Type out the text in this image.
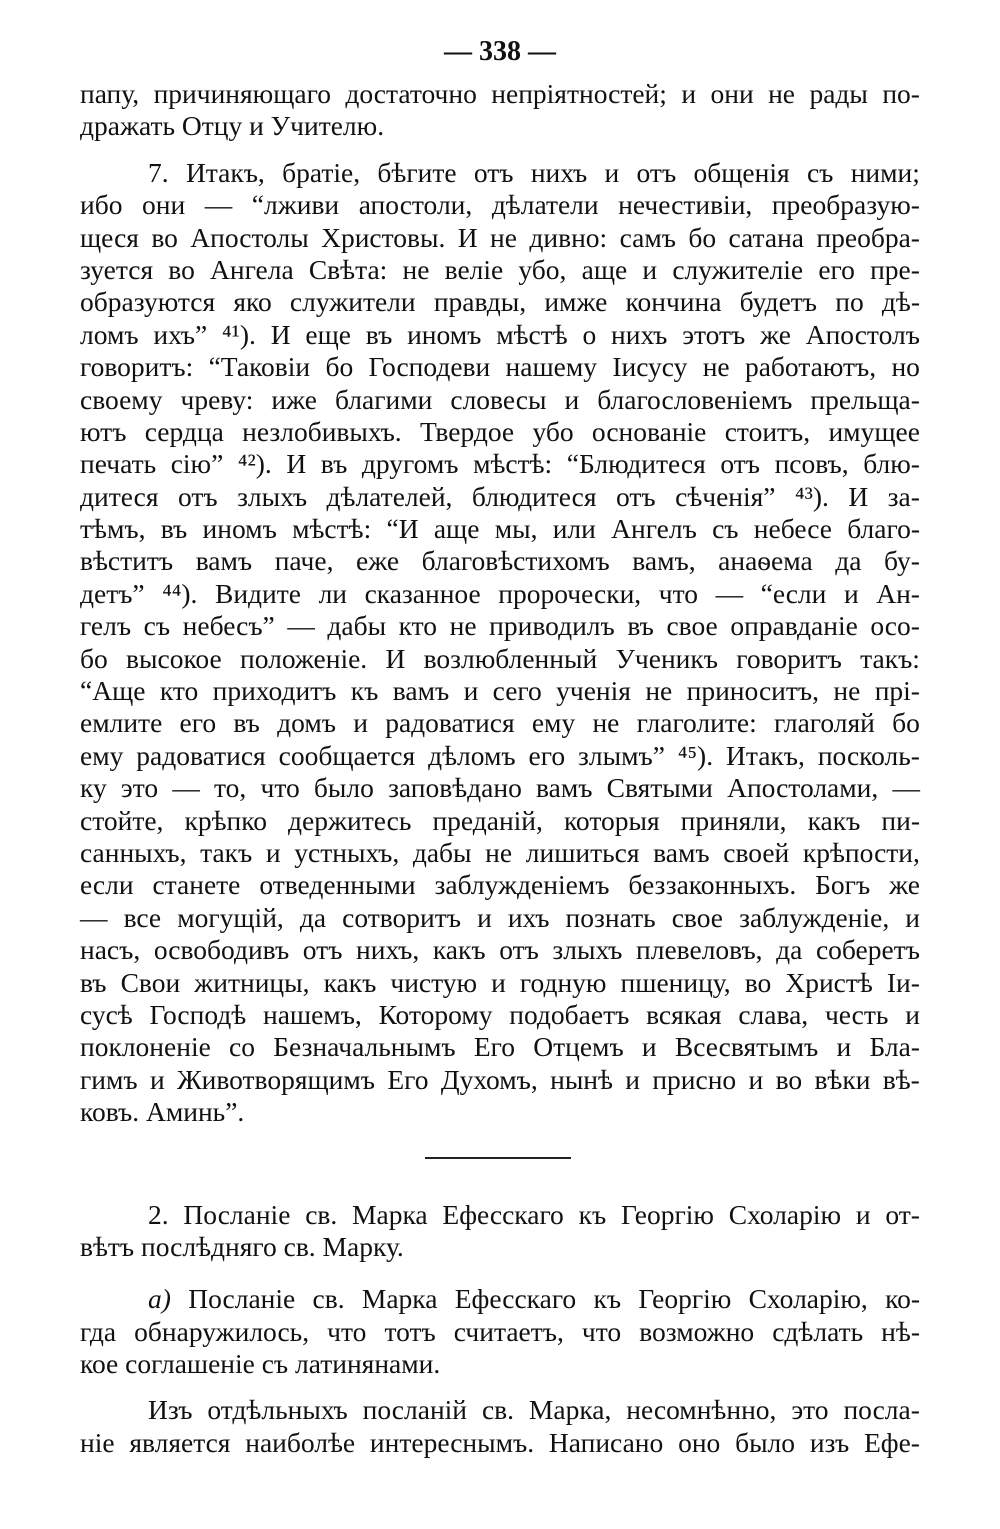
— 338 —
папу, причиняющаго достаточно непріятностей; и они не рады по-
дражать Отцу и Учителю.
7. Итакъ, братіе, бѣгите отъ нихъ и отъ общенія съ ними;
ибо они — “лживи апостоли, дѣлатели нечестивіи, преобразую-
щеся во Апостолы Христовы. И не дивно: самъ бо сатана преобра-
зуется во Ангела Свѣта: не веліе убо, аще и служителіе его пре-
образуются яко служители правды, имже кончина будетъ по дѣ-
ломъ ихъ” ⁴¹). И еще въ иномъ мѣстѣ о нихъ этотъ же Апостолъ
говоритъ: “Таковіи бо Господеви нашему Іисусу не работаютъ, но
своему чреву: иже благими словесы и благословеніемъ прельща-
ютъ сердца незлобивыхъ. Твердое убо основаніе стоитъ, имущее
печать сію” ⁴²). И въ другомъ мѣстѣ: “Блюдитеся отъ псовъ, блю-
дитеся отъ злыхъ дѣлателей, блюдитеся отъ сѣченія” ⁴³). И за-
тѣмъ, въ иномъ мѣстѣ: “И аще мы, или Ангелъ съ небесе благо-
вѣститъ вамъ паче, еже благовѣстихомъ вамъ, анаѳема да бу-
детъ” ⁴⁴). Видите ли сказанное пророчески, что — “если и Ан-
гелъ съ небесъ” — дабы кто не приводилъ въ свое оправданіе осо-
бо высокое положеніе. И возлюбленный Ученикъ говоритъ такъ:
“Аще кто приходитъ къ вамъ и сего ученія не приноситъ, не прі-
емлите его въ домъ и радоватися ему не глаголите: глаголяй бо
ему радоватися сообщается дѣломъ его злымъ” ⁴⁵). Итакъ, посколь-
ку это — то, что было заповѣдано вамъ Святыми Апостолами, —
стойте, крѣпко держитесь преданій, которыя приняли, какъ пи-
санныхъ, такъ и устныхъ, дабы не лишиться вамъ своей крѣпости,
если станете отведенными заблужденіемъ беззаконныхъ. Богъ же
— все могущій, да сотворитъ и ихъ познать свое заблужденіе, и
насъ, освободивъ отъ нихъ, какъ отъ злыхъ плевеловъ, да соберетъ
въ Свои житницы, какъ чистую и годную пшеницу, во Христѣ Іи-
сусѣ Господѣ нашемъ, Которому подобаетъ всякая слава, честь и
поклоненіе со Безначальнымъ Его Отцемъ и Всесвятымъ и Бла-
гимъ и Животворящимъ Его Духомъ, нынѣ и присно и во вѣки вѣ-
ковъ. Аминь”.
2. Посланіе св. Марка Ефесскаго къ Георгію Схоларію и от-
вѣтъ послѣдняго св. Марку.
а) Посланіе св. Марка Ефесскаго къ Георгію Схоларію, ко-
гда обнаружилось, что тотъ считаетъ, что возможно сдѣлать нѣ-
кое соглашеніе съ латинянами.
Изъ отдѣльныхъ посланій св. Марка, несомнѣнно, это посла-
ніе является наиболѣе интереснымъ. Написано оно было изъ Ефе-
